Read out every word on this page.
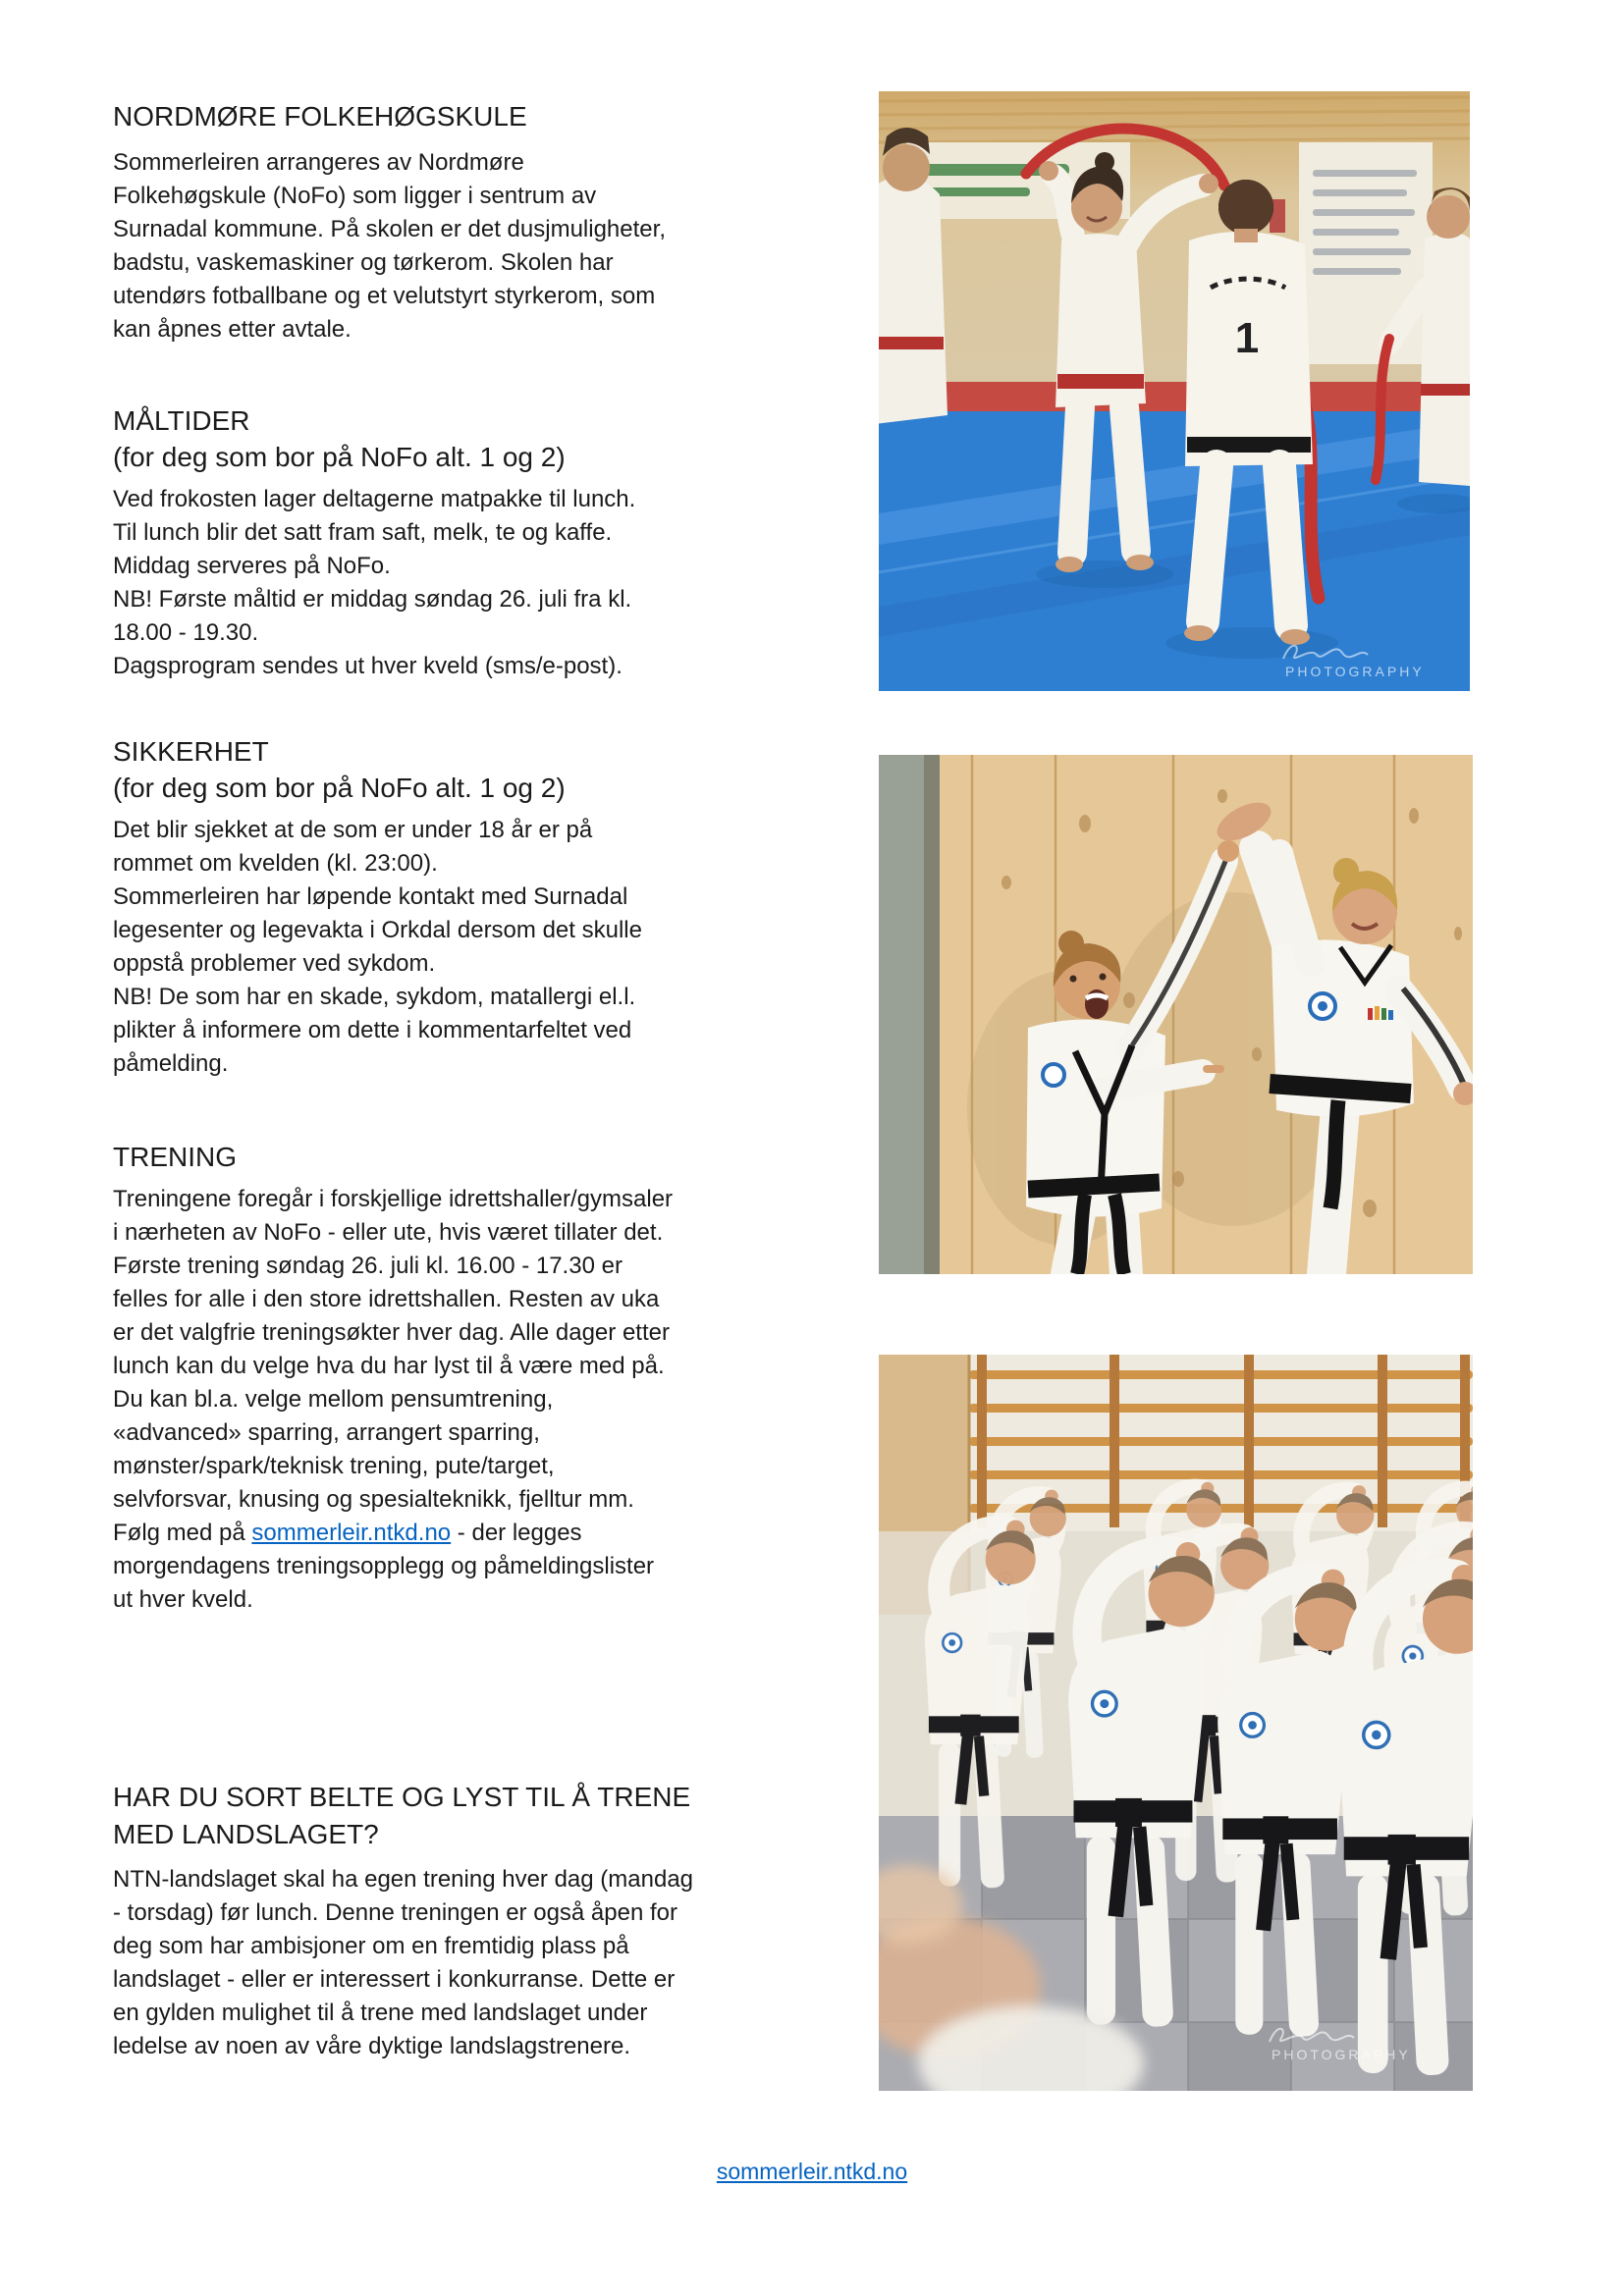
NORDMØRE FOLKEHØGSKULE

Sommerleiren arrangeres av Nordmøre Folkehøgskule (NoFo) som ligger i sentrum av Surnadal kommune. På skolen er det dusjmuligheter, badstu, vaskemaskiner og tørkerom. Skolen har utendørs fotballbane og et velutstyrt styrkerom, som kan åpnes etter avtale.

MÅLTIDER

(for deg som bor på NoFo alt. 1 og 2)

Ved frokosten lager deltagerne matpakke til lunch.
Til lunch blir det satt fram saft, melk, te og kaffe.
Middag serveres på NoFo.
NB! Første måltid er middag søndag 26. juli fra kl. 18.00 - 19.30.
Dagsprogram sendes ut hver kveld (sms/e-post).
SIKKERHET

(for deg som bor på NoFo alt. 1 og 2)

Det blir sjekket at de som er under 18 år er på rommet om kvelden (kl. 23:00).
Sommerleiren har løpende kontakt med Surnadal legesenter og legevakta i Orkdal dersom det skulle oppstå problemer ved sykdom.
NB! De som har en skade, sykdom, matallergi el.l. plikter å informere om dette i kommentarfeltet ved påmelding.
TRENING
Treningene foregår i forskjellige idrettshaller/gymsaler i nærheten av NoFo - eller ute, hvis været tillater det.
Første trening søndag 26. juli kl. 16.00 - 17.30 er felles for alle i den store idrettshallen. Resten av uka er det valgfrie treningsøkter hver dag. Alle dager etter lunch kan du velge hva du har lyst til å være med på. Du kan bl.a. velge mellom pensumtrening, «advanced» sparring, arrangert sparring, mønster/spark/teknisk trening, pute/target, selvforsvar, knusing og spesialteknikk, fjelltur mm.
Følg med på sommerleir.ntkd.no - der legges morgendagens treningsopplegg og påmeldingslister ut hver kveld.
HAR DU SORT BELTE OG LYST TIL Å TRENE MED LANDSLAGET?

NTN-landslaget skal ha egen trening hver dag (mandag - torsdag) før lunch. Denne treningen er også åpen for deg som har ambisjoner om en fremtidig plass på landslaget - eller er interessert i konkurranse. Dette er en gylden mulighet til å trene med landslaget under ledelse av noen av våre dyktige landslagstrenere.

sommerleir.ntkd.no
1
PHOTOGRAPHY
PHOTOGRAPHY
